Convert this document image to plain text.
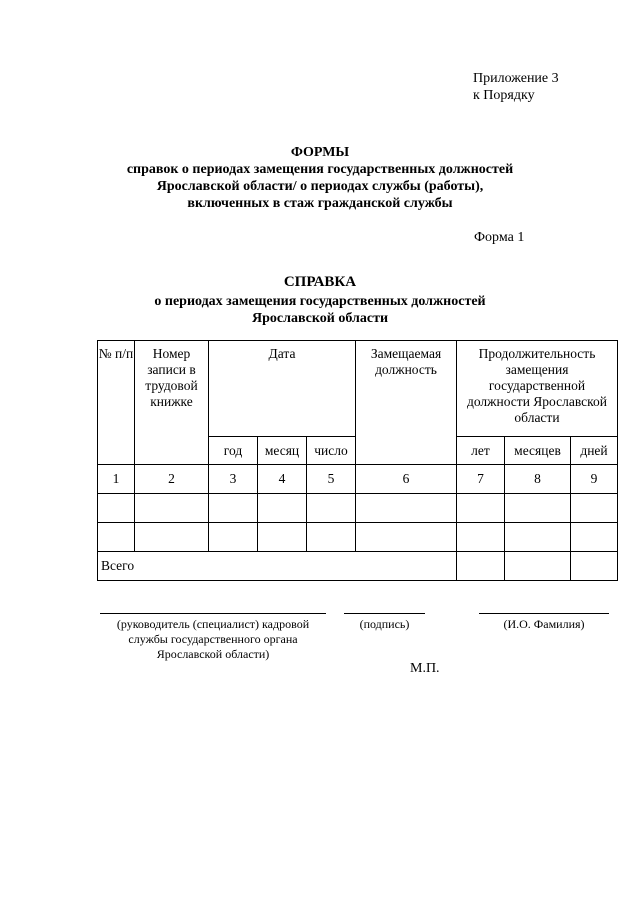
Приложение 3
к Порядку
ФОРМЫ
справок о периодах замещения государственных должностей
Ярославской области/ о периодах службы (работы),
включенных в стаж гражданской службы
Форма 1
СПРАВКА
о периодах замещения государственных должностей
Ярославской области
№ п/п	Номер записи в трудовой книжке	Дата			Замещаемая должность	Продолжительность замещения государственной должности Ярославской области		
		год	месяц	число		лет	месяцев	дней
1	2	3	4	5	6	7	8	9

Всего								
(руководитель (специалист) кадровой службы государственного органа Ярославской области)
(подпись)	(И.О. Фамилия)
М.П.
